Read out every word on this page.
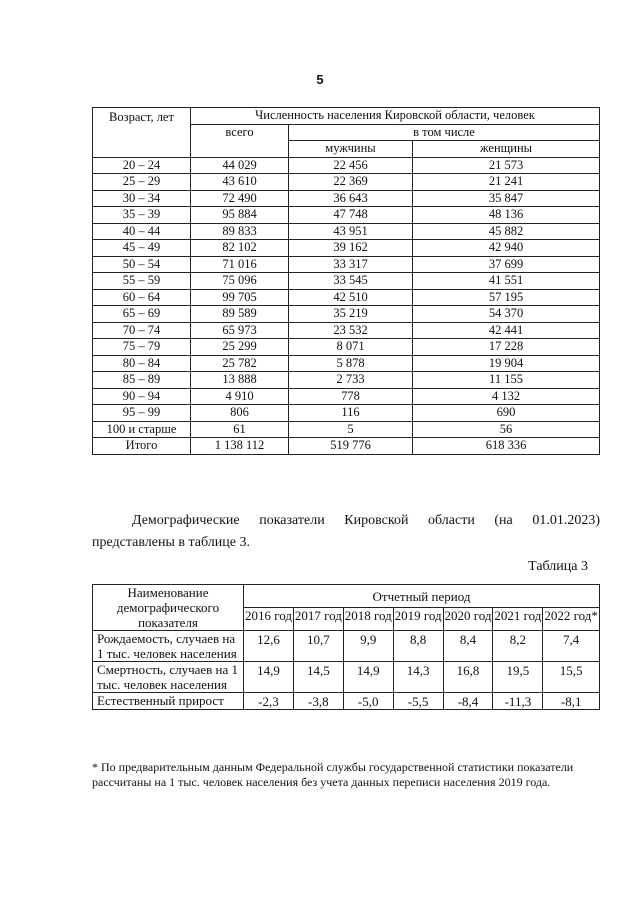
5
Возраст, лет	Численность населения Кировской области, человек		
	всего	в том числе	
		мужчины	женщины
20 – 24	44 029	22 456	21 573
25 – 29	43 610	22 369	21 241
30 – 34	72 490	36 643	35 847
35 – 39	95 884	47 748	48 136
40 – 44	89 833	43 951	45 882
45 – 49	82 102	39 162	42 940
50 – 54	71 016	33 317	37 699
55 – 59	75 096	33 545	41 551
60 – 64	99 705	42 510	57 195
65 – 69	89 589	35 219	54 370
70 – 74	65 973	23 532	42 441
75 – 79	25 299	8 071	17 228
80 – 84	25 782	5 878	19 904
85 – 89	13 888	2 733	11 155
90 – 94	4 910	778	4 132
95 – 99	806	116	690
100 и старше	61	5	56
Итого	1 138 112	519 776	618 336
Демографические показатели Кировской области (на 01.01.2023)
представлены в таблице 3.
Таблица 3
Наименование демографического показателя	Отчетный период						
	2016 год	2017 год	2018 год	2019 год	2020 год	2021 год	2022 год*
Рождаемость, случаев на 1 тыс. человек населения	12,6	10,7	9,9	8,8	8,4	8,2	7,4
Смертность, случаев на 1 тыс. человек населения	14,9	14,5	14,9	14,3	16,8	19,5	15,5
Естественный прирост	-2,3	-3,8	-5,0	-5,5	-8,4	-11,3	-8,1
* По предварительным данным Федеральной службы государственной статистики показатели рассчитаны на 1 тыс. человек населения без учета данных переписи населения 2019 года.
